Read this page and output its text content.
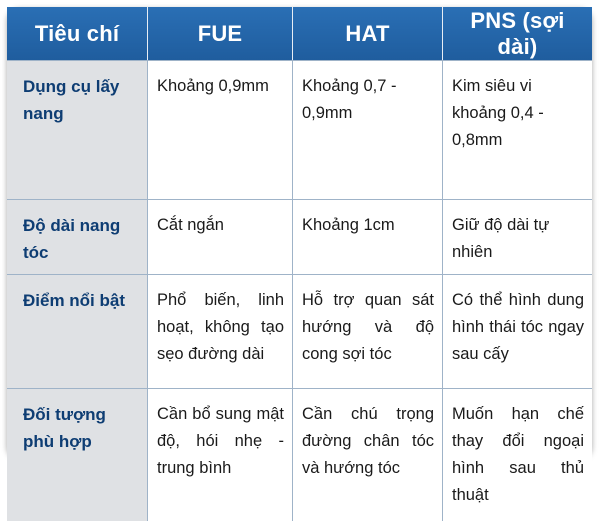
Tiêu chí	FUE	HAT	PNS (sợi dài)
Dụng cụ lấy nang	Khoảng 0,9mm	Khoảng 0,7 - 0,9mm	Kim siêu vi khoảng 0,4 - 0,8mm
Độ dài nang tóc	Cắt ngắn	Khoảng 1cm	Giữ độ dài tự nhiên
Điểm nổi bật	Phổ biến, linh hoạt, không tạo sẹo đường dài	Hỗ trợ quan sát hướng và độ cong sợi tóc	Có thể hình dung hình thái tóc ngay sau cấy
Đối tượng phù hợp	Cần bổ sung mật độ, hói nhẹ - trung bình	Cần chú trọng đường chân tóc và hướng tóc	Muốn hạn chế thay đổi ngoại hình sau thủ thuật
